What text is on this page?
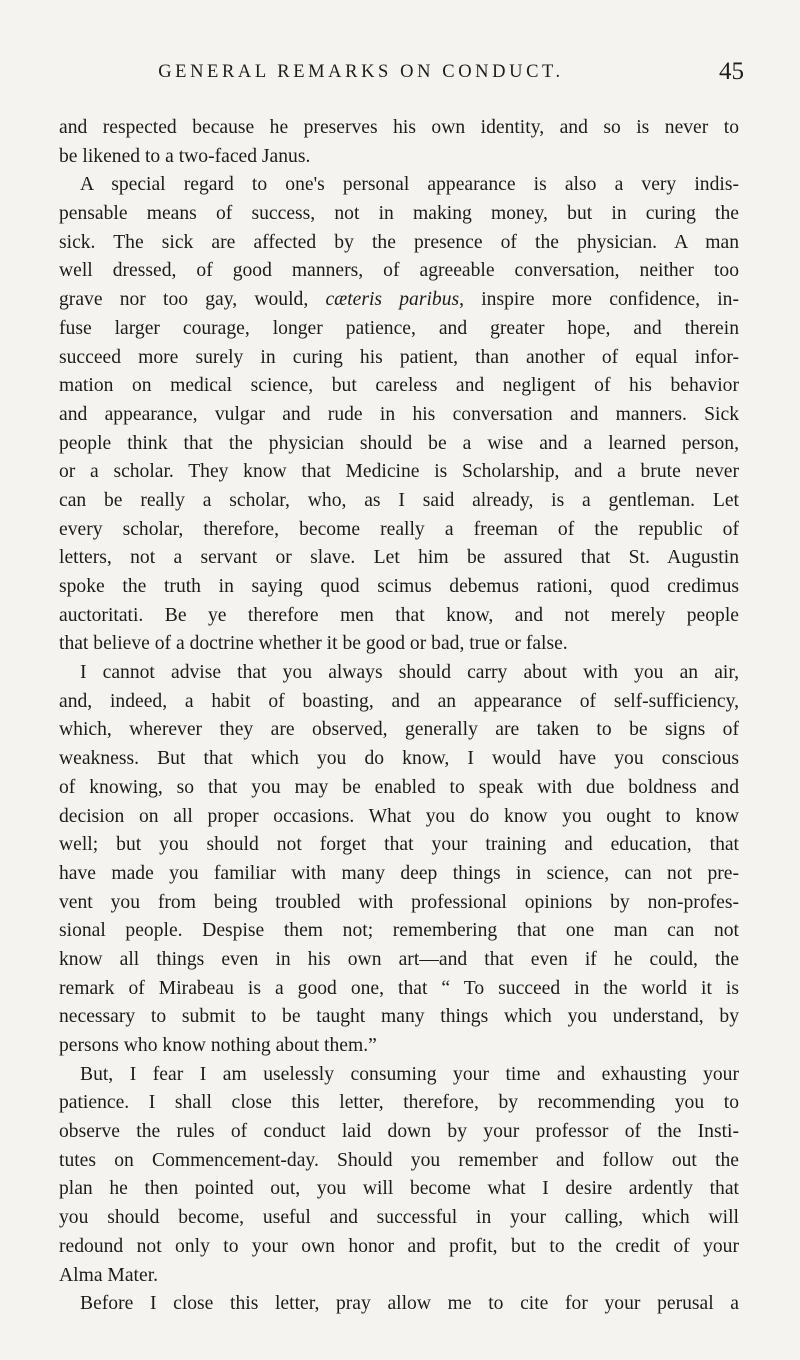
GENERAL REMARKS ON CONDUCT.	45
and respected because he preserves his own identity, and so is never to
be likened to a two-faced Janus.
A special regard to one's personal appearance is also a very indis-
pensable means of success, not in making money, but in curing the
sick. The sick are affected by the presence of the physician. A man
well dressed, of good manners, of agreeable conversation, neither too
grave nor too gay, would, cæteris paribus, inspire more confidence, in-
fuse larger courage, longer patience, and greater hope, and therein
succeed more surely in curing his patient, than another of equal infor-
mation on medical science, but careless and negligent of his behavior
and appearance, vulgar and rude in his conversation and manners. Sick
people think that the physician should be a wise and a learned person,
or a scholar. They know that Medicine is Scholarship, and a brute never
can be really a scholar, who, as I said already, is a gentleman. Let
every scholar, therefore, become really a freeman of the republic of
letters, not a servant or slave. Let him be assured that St. Augustin
spoke the truth in saying quod scimus debemus rationi, quod credimus
auctoritati. Be ye therefore men that know, and not merely people
that believe of a doctrine whether it be good or bad, true or false.
I cannot advise that you always should carry about with you an air,
and, indeed, a habit of boasting, and an appearance of self-sufficiency,
which, wherever they are observed, generally are taken to be signs of
weakness. But that which you do know, I would have you conscious
of knowing, so that you may be enabled to speak with due boldness and
decision on all proper occasions. What you do know you ought to know
well; but you should not forget that your training and education, that
have made you familiar with many deep things in science, can not pre-
vent you from being troubled with professional opinions by non-profes-
sional people. Despise them not; remembering that one man can not
know all things even in his own art—and that even if he could, the
remark of Mirabeau is a good one, that “ To succeed in the world it is
necessary to submit to be taught many things which you understand, by
persons who know nothing about them.”
But, I fear I am uselessly consuming your time and exhausting your
patience. I shall close this letter, therefore, by recommending you to
observe the rules of conduct laid down by your professor of the Insti-
tutes on Commencement-day. Should you remember and follow out the
plan he then pointed out, you will become what I desire ardently that
you should become, useful and successful in your calling, which will
redound not only to your own honor and profit, but to the credit of your
Alma Mater.
Before I close this letter, pray allow me to cite for your perusal a
